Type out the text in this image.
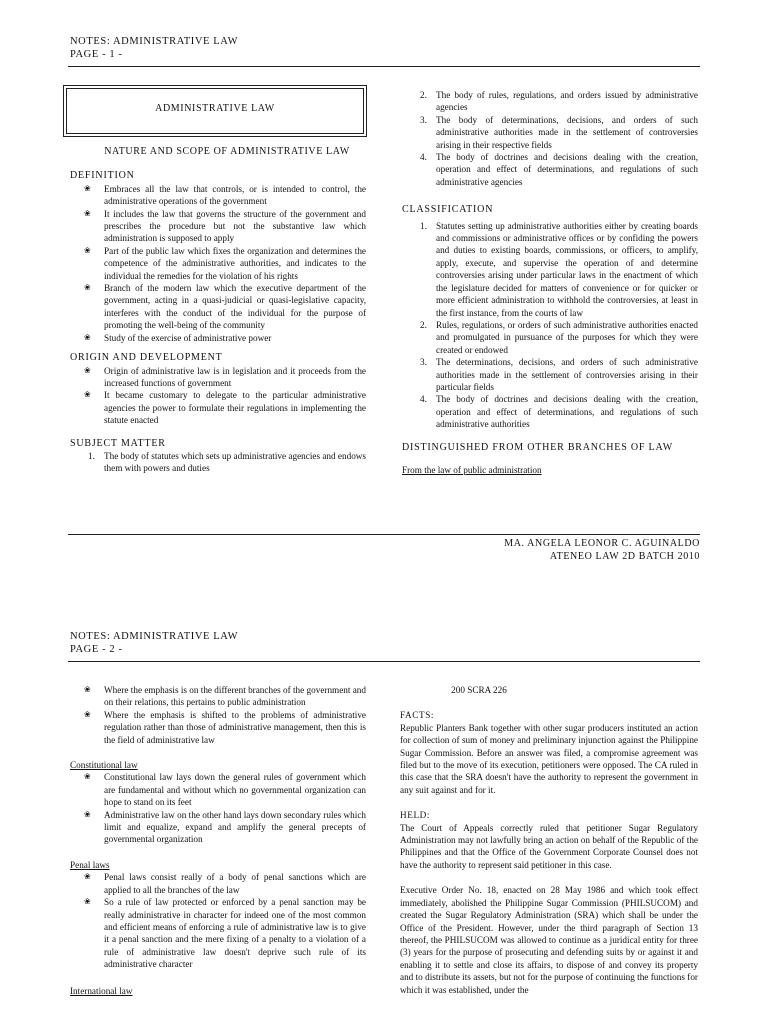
NOTES: ADMINISTRATIVE LAW
PAGE - 1 -
ADMINISTRATIVE LAW

NATURE AND SCOPE OF ADMINISTRATIVE LAW

DEFINITION

❀ Embraces all the law that controls, or is intended to control, the administrative operations of the government
❀ It includes the law that governs the structure of the government and prescribes the procedure but not the substantive law which administration is supposed to apply
❀ Part of the public law which fixes the organization and determines the competence of the administrative authorities, and indicates to the individual the remedies for the violation of his rights
❀ Branch of the modern law which the executive department of the government, acting in a quasi-judicial or quasi-legislative capacity, interferes with the conduct of the individual for the purpose of promoting the well-being of the community
❀ Study of the exercise of administrative power

ORIGIN AND DEVELOPMENT

❀ Origin of administrative law is in legislation and it proceeds from the increased functions of government
❀ It became customary to delegate to the particular administrative agencies the power to formulate their regulations in implementing the statute enacted

SUBJECT MATTER

1. The body of statutes which sets up administrative agencies and endows them with powers and duties
2. The body of rules, regulations, and orders issued by administrative agencies
3. The body of determinations, decisions, and orders of such administrative authorities made in the settlement of controversies arising in their respective fields
4. The body of doctrines and decisions dealing with the creation, operation and effect of determinations, and regulations of such administrative agencies

CLASSIFICATION

1. Statutes setting up administrative authorities either by creating boards and commissions or administrative offices or by confiding the powers and duties to existing boards, commissions, or officers, to amplify, apply, execute, and supervise the operation of and determine controversies arising under particular laws in the enactment of which the legislature decided for matters of convenience or for quicker or more efficient administration to withhold the controversies, at least in the first instance, from the courts of law
2. Rules, regulations, or orders of such administrative authorities enacted and promulgated in pursuance of the purposes for which they were created or endowed
3. The determinations, decisions, and orders of such administrative authorities made in the settlement of controversies arising in their particular fields
4. The body of doctrines and decisions dealing with the creation, operation and effect of determinations, and regulations of such administrative authorities

DISTINGUISHED FROM OTHER BRANCHES OF LAW

From the law of public administration

MA. ANGELA LEONOR C. AGUINALDO
ATENEO LAW 2D BATCH 2010
NOTES: ADMINISTRATIVE LAW
PAGE - 2 -
❀ Where the emphasis is on the different branches of the government and on their relations, this pertains to public administration
❀ Where the emphasis is shifted to the problems of administrative regulation rather than those of administrative management, then this is the field of administrative law

Constitutional law

❀ Constitutional law lays down the general rules of government which are fundamental and without which no governmental organization can hope to stand on its feet
❀ Administrative law on the other hand lays down secondary rules which limit and equalize, expand and amplify the general precepts of governmental organization

Penal laws

❀ Penal laws consist really of a body of penal sanctions which are applied to all the branches of the law
❀ So a rule of law protected or enforced by a penal sanction may be really administrative in character for indeed one of the most common and efficient means of enforcing a rule of administrative law is to give it a penal sanction and the mere fixing of a penalty to a violation of a rule of administrative law doesn't deprive such rule of its administrative character

International law

200 SCRA 226

FACTS:

Republic Planters Bank together with other sugar producers instituted an action for collection of sum of money and preliminary injunction against the Philippine Sugar Commission. Before an answer was filed, a compromise agreement was filed but to the move of its execution, petitioners were opposed. The CA ruled in this case that the SRA doesn't have the authority to represent the government in any suit against and for it.

HELD:

The Court of Appeals correctly ruled that petitioner Sugar Regulatory Administration may not lawfully bring an action on behalf of the Republic of the Philippines and that the Office of the Government Corporate Counsel does not have the authority to represent said petitioner in this case.

Executive Order No. 18, enacted on 28 May 1986 and which took effect immediately, abolished the Philippine Sugar Commission (PHILSUCOM) and created the Sugar Regulatory Administration (SRA) which shall be under the Office of the President. However, under the third paragraph of Section 13 thereof, the PHILSUCOM was allowed to continue as a juridical entity for three (3) years for the purpose of prosecuting and defending suits by or against it and enabling it to settle and close its affairs, to dispose of and convey its property and to distribute its assets, but not for the purpose of continuing the functions for which it was established, under the
